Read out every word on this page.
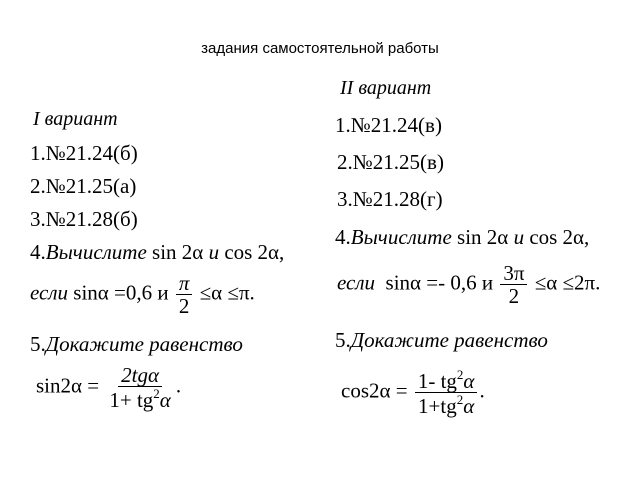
задания самостоятельной работы
I вариант
1.№21.24(б)
2.№21.25(а)
3.№21.28(б)
4.Вычислите sin 2α и cos 2α,
если sinα =0,6 и $\frac{\pi}{2} \le\alpha \le\pi$.
5.Докажите равенство
$\sin 2\alpha = \frac{\text{2tgα}}{1+ tg^2\alpha}$ .
II вариант
1.№21.24(в)
2.№21.25(в)
3.№21.28(г)
4.Вычислите sin 2α и cos 2α,
если sinα =- 0,6 и $\frac{3\pi}{2} \le\alpha \le 2\pi$.
5.Докажите равенство
$\cos 2\alpha = \frac{1- tg^2\alpha}{1+tg^2\alpha}$ .
